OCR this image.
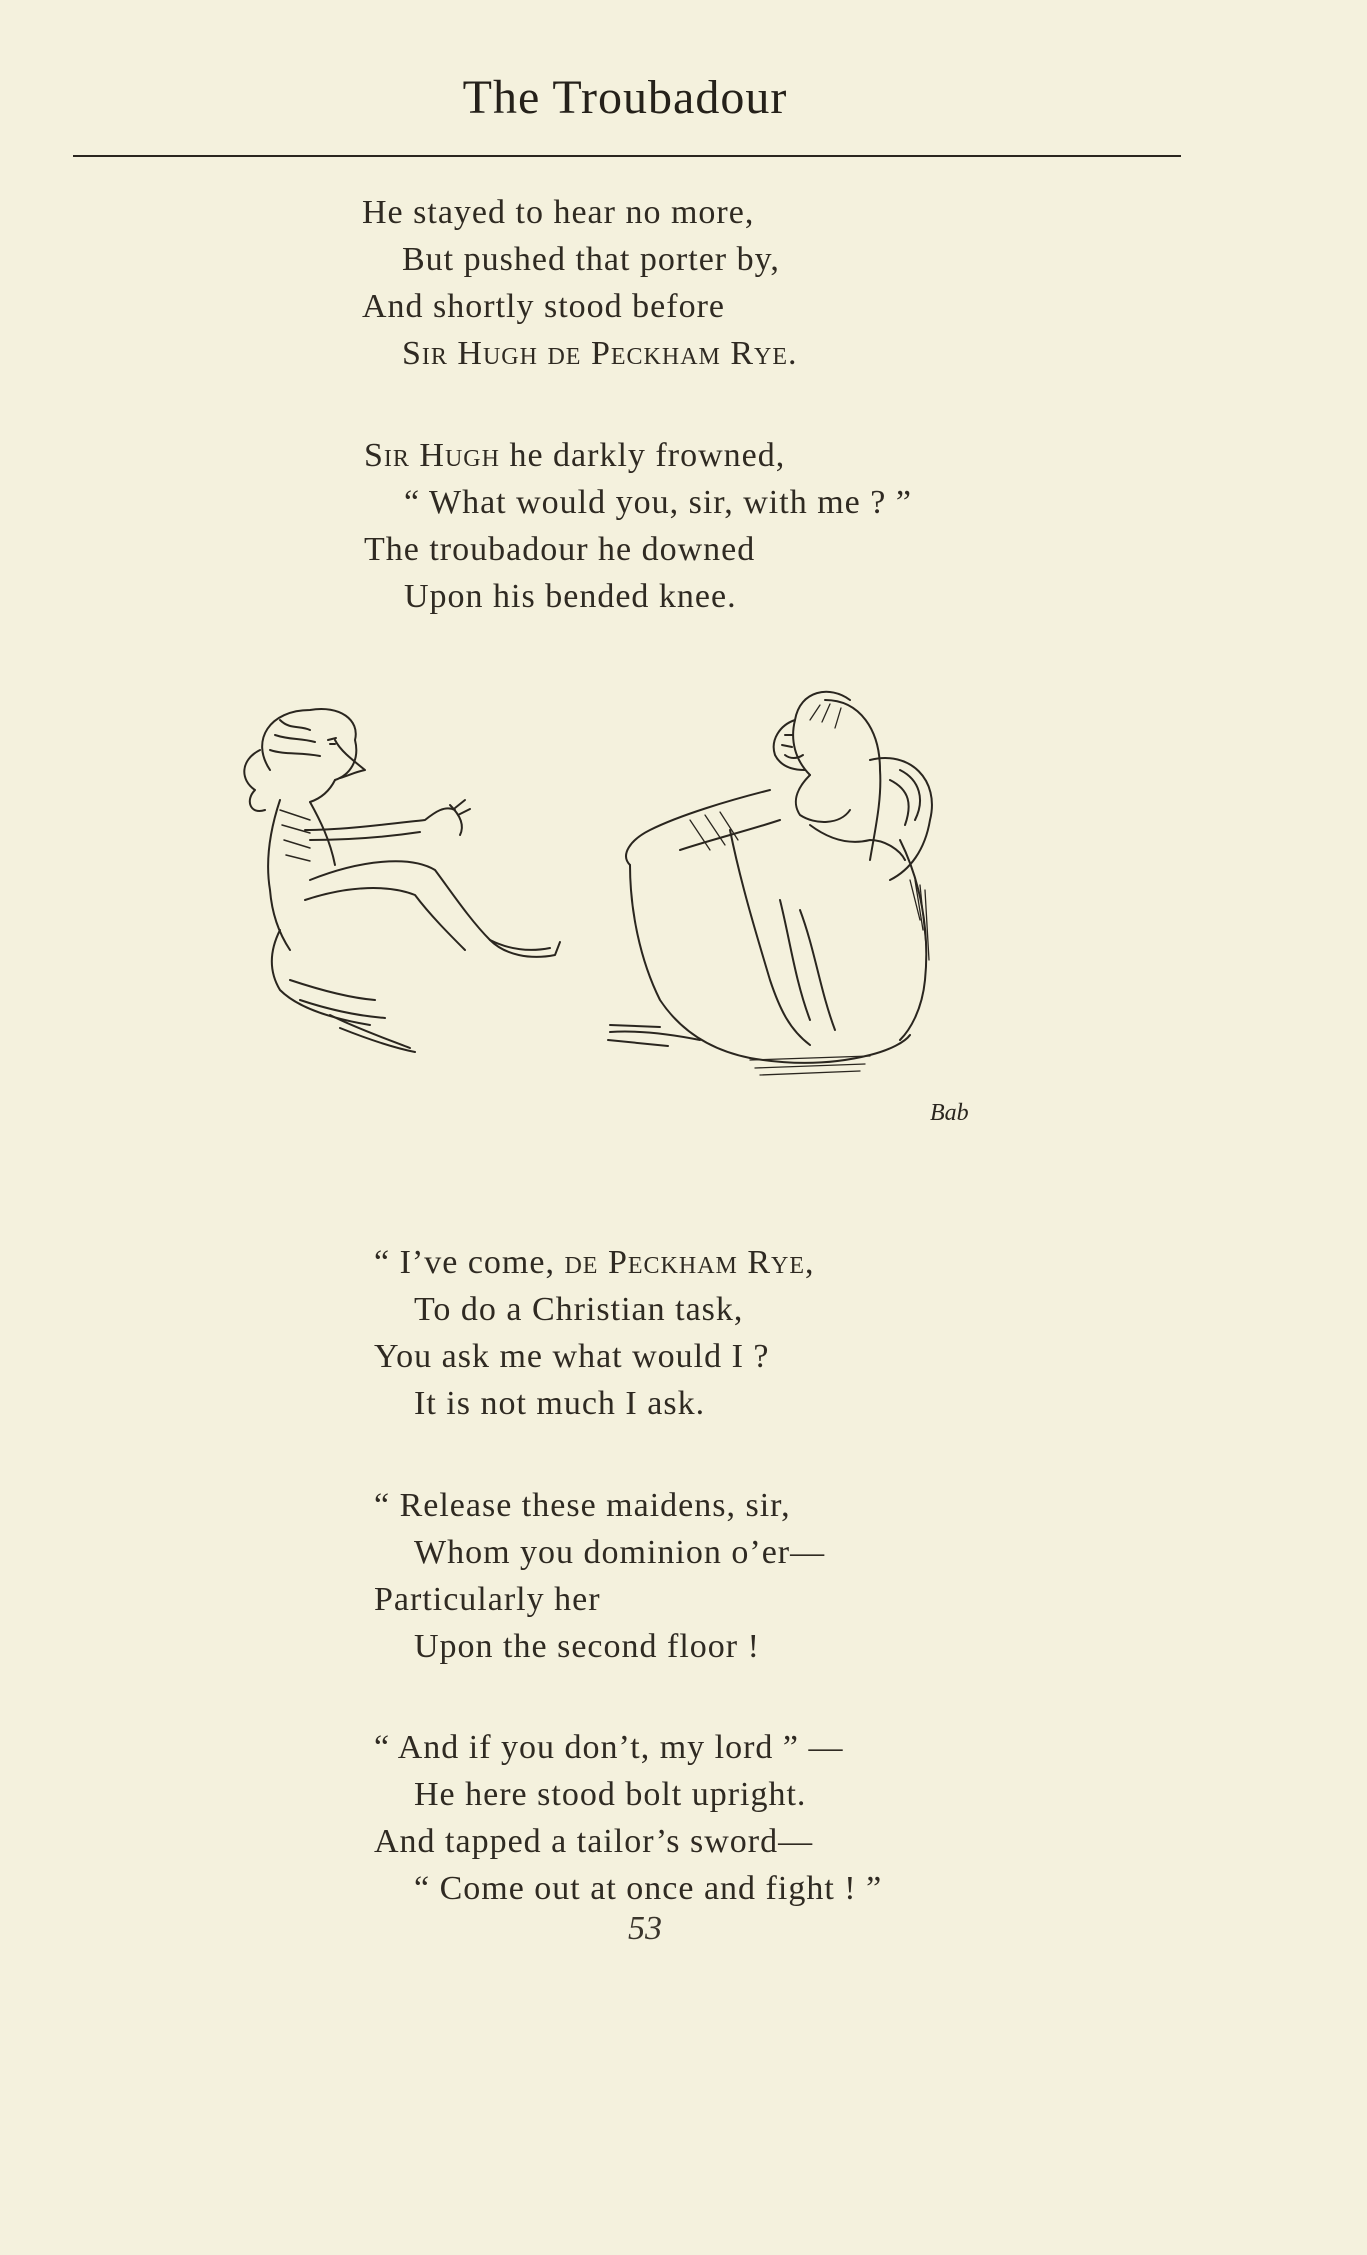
The Troubadour
He stayed to hear no more,
But pushed that porter by,
And shortly stood before
Sir Hugh de Peckham Rye.
Sir Hugh he darkly frowned,
“ What would you, sir, with me ? ”
The troubadour he downed
Upon his bended knee.
Bab
“ I’ve come, de Peckham Rye,
To do a Christian task,
You ask me what would I ?
It is not much I ask.
“ Release these maidens, sir,
Whom you dominion o’er—
Particularly her
Upon the second floor !
“ And if you don’t, my lord ” —
He here stood bolt upright.
And tapped a tailor’s sword—
“ Come out at once and fight ! ”
53
